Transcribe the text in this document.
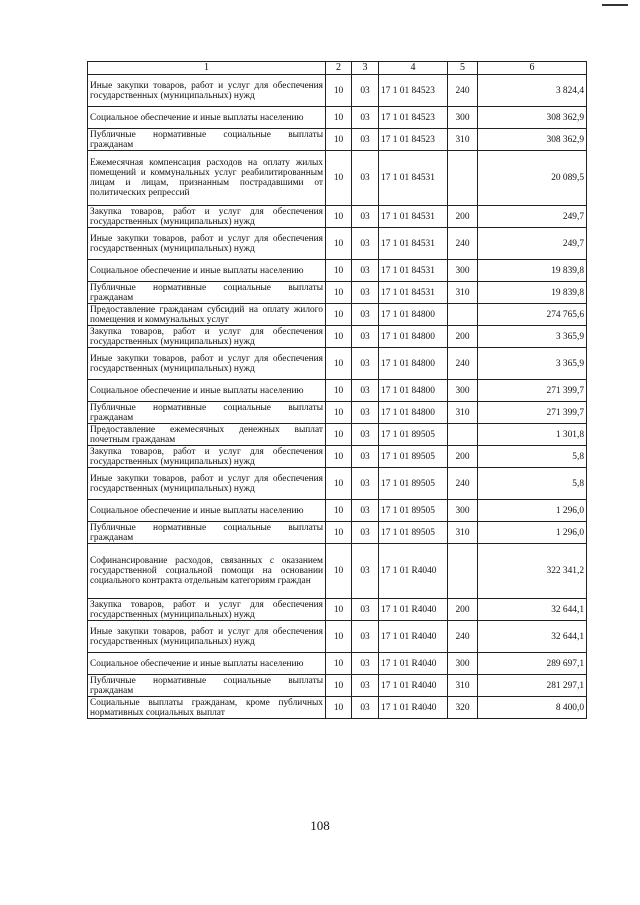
1	2	3	4	5	6
Иные закупки товаров, работ и услуг для обеспечения государственных (муниципальных) нужд	10	03	17 1 01 84523	240	3 824,4
Социальное обеспечение и иные выплаты населению	10	03	17 1 01 84523	300	308 362,9
Публичные нормативные социальные выплаты гражданам	10	03	17 1 01 84523	310	308 362,9
Ежемесячная компенсация расходов на оплату жилых помещений и коммунальных услуг реабилитированным лицам и лицам, признанным пострадавшими от политических репрессий	10	03	17 1 01 84531		20 089,5
Закупка товаров, работ и услуг для обеспечения государственных (муниципальных) нужд	10	03	17 1 01 84531	200	249,7
Иные закупки товаров, работ и услуг для обеспечения государственных (муниципальных) нужд	10	03	17 1 01 84531	240	249,7
Социальное обеспечение и иные выплаты населению	10	03	17 1 01 84531	300	19 839,8
Публичные нормативные социальные выплаты гражданам	10	03	17 1 01 84531	310	19 839,8
Предоставление гражданам субсидий на оплату жилого помещения и коммунальных услуг	10	03	17 1 01 84800		274 765,6
Закупка товаров, работ и услуг для обеспечения государственных (муниципальных) нужд	10	03	17 1 01 84800	200	3 365,9
Иные закупки товаров, работ и услуг для обеспечения государственных (муниципальных) нужд	10	03	17 1 01 84800	240	3 365,9
Социальное обеспечение и иные выплаты населению	10	03	17 1 01 84800	300	271 399,7
Публичные нормативные социальные выплаты гражданам	10	03	17 1 01 84800	310	271 399,7
Предоставление ежемесячных денежных выплат почетным гражданам	10	03	17 1 01 89505		1 301,8
Закупка товаров, работ и услуг для обеспечения государственных (муниципальных) нужд	10	03	17 1 01 89505	200	5,8
Иные закупки товаров, работ и услуг для обеспечения государственных (муниципальных) нужд	10	03	17 1 01 89505	240	5,8
Социальное обеспечение и иные выплаты населению	10	03	17 1 01 89505	300	1 296,0
Публичные нормативные социальные выплаты гражданам	10	03	17 1 01 89505	310	1 296,0
Софинансирование расходов, связанных с оказанием государственной социальной помощи на основании социального контракта отдельным категориям граждан	10	03	17 1 01 R4040		322 341,2
Закупка товаров, работ и услуг для обеспечения государственных (муниципальных) нужд	10	03	17 1 01 R4040	200	32 644,1
Иные закупки товаров, работ и услуг для обеспечения государственных (муниципальных) нужд	10	03	17 1 01 R4040	240	32 644,1
Социальное обеспечение и иные выплаты населению	10	03	17 1 01 R4040	300	289 697,1
Публичные нормативные социальные выплаты гражданам	10	03	17 1 01 R4040	310	281 297,1
Социальные выплаты гражданам, кроме публичных нормативных социальных выплат	10	03	17 1 01 R4040	320	8 400,0
108
